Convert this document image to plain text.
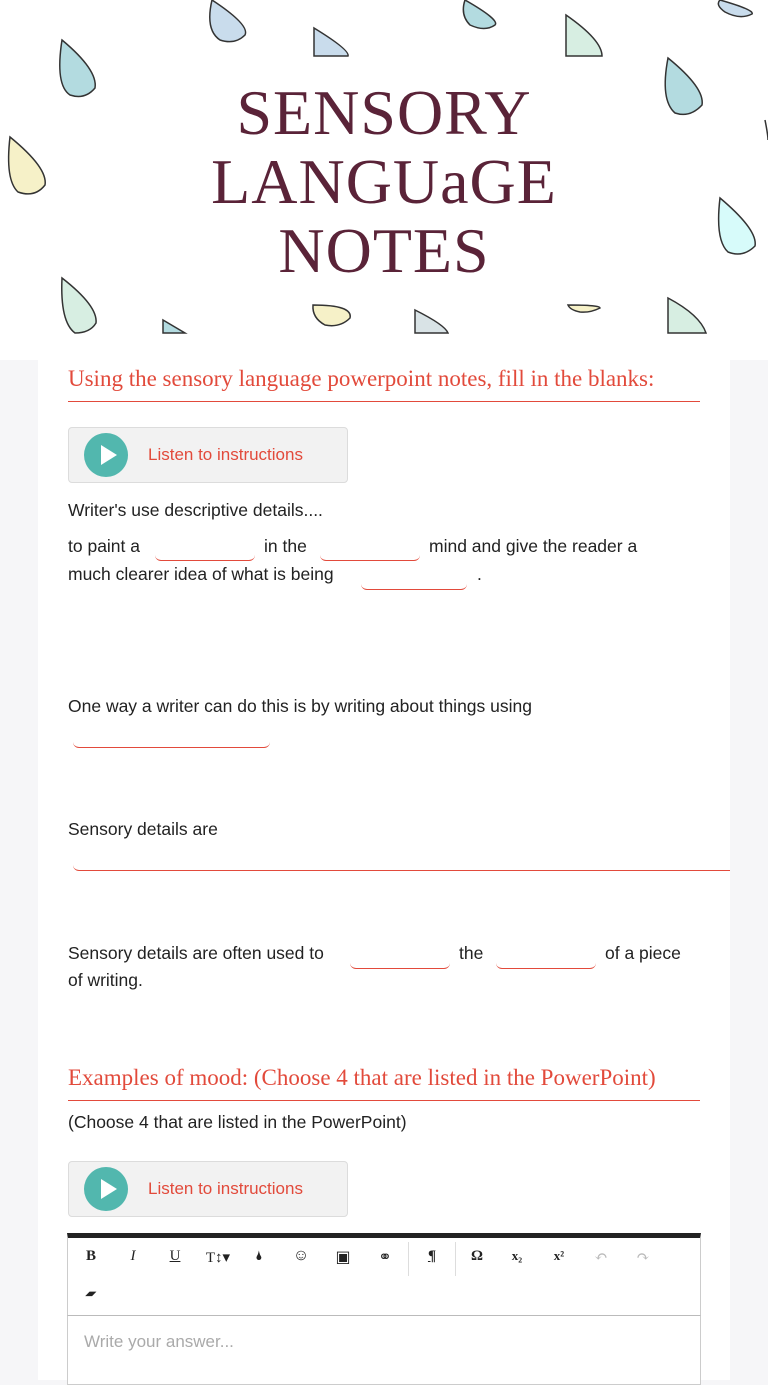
SENSORY
LANGUaGE
NOTES
Using the sensory language powerpoint notes, fill in the blanks:
Listen to instructions
Writer's use descriptive details....
to paint a	in the	mind and give the reader a
much clearer idea of what is being	.
One way a writer can do this is by writing about things using
Sensory details are
Sensory details are often used to	the	of a piece
of writing.
Examples of mood: (Choose 4 that are listed in the PowerPoint)
(Choose 4 that are listed in the PowerPoint)
Listen to instructions
B	I	U	T↕▾	🌢	☺	▣	⚭	¶	Ω	x₂	x²	↶	↷
▰
Write your answer...
